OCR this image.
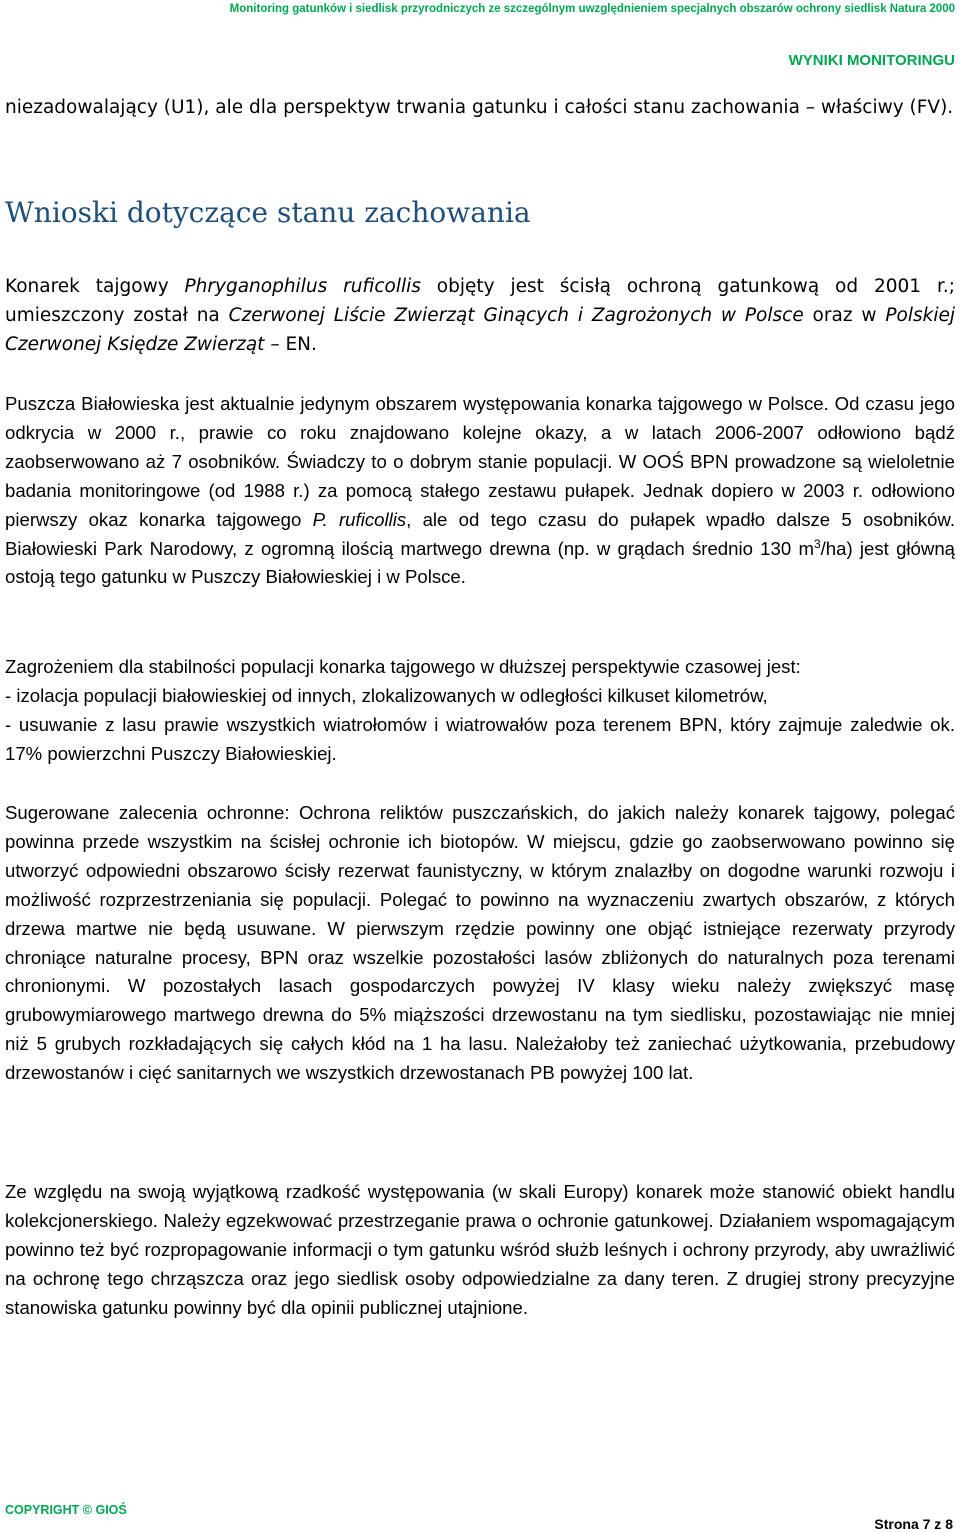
Monitoring gatunków i siedlisk przyrodniczych ze szczególnym uwzględnieniem specjalnych obszarów ochrony siedlisk Natura 2000
WYNIKI MONITORINGU

niezadowalający (U1), ale dla perspektyw trwania gatunku i całości stanu zachowania – właściwy (FV).

Wnioski dotyczące stanu zachowania

Konarek tajgowy Phryganophilus ruficollis objęty jest ścisłą ochroną gatunkową od 2001 r.; umieszczony został na Czerwonej Liście Zwierząt Ginących i Zagrożonych w Polsce oraz w Polskiej Czerwonej Księdze Zwierząt – EN.

Puszcza Białowieska jest aktualnie jedynym obszarem występowania konarka tajgowego w Polsce. Od czasu jego odkrycia w 2000 r., prawie co roku znajdowano kolejne okazy, a w latach 2006-2007 odłowiono bądź zaobserwowano aż 7 osobników. Świadczy to o dobrym stanie populacji. W OOŚ BPN prowadzone są wieloletnie badania monitoringowe (od 1988 r.) za pomocą stałego zestawu pułapek. Jednak dopiero w 2003 r. odłowiono pierwszy okaz konarka tajgowego P. ruficollis, ale od tego czasu do pułapek wpadło dalsze 5 osobników. Białowieski Park Narodowy, z ogromną ilością martwego drewna (np. w grądach średnio 130 $m^3/ha$) jest główną ostoją tego gatunku w Puszczy Białowieskiej i w Polsce.

Zagrożeniem dla stabilności populacji konarka tajgowego w dłuższej perspektywie czasowej jest:

- izolacja populacji białowieskiej od innych, zlokalizowanych w odległości kilkuset kilometrów,

- usuwanie z lasu prawie wszystkich wiatrołomów i wiatrowałów poza terenem BPN, który zajmuje zaledwie ok. 17% powierzchni Puszczy Białowieskiej.

Sugerowane zalecenia ochronne: Ochrona reliktów puszczańskich, do jakich należy konarek tajgowy, polegać powinna przede wszystkim na ścisłej ochronie ich biotopów. W miejscu, gdzie go zaobserwowano powinno się utworzyć odpowiedni obszarowo ścisły rezerwat faunistyczny, w którym znalazłby on dogodne warunki rozwoju i możliwość rozprzestrzeniania się populacji. Polegać to powinno na wyznaczeniu zwartych obszarów, z których drzewa martwe nie będą usuwane. W pierwszym rzędzie powinny one objąć istniejące rezerwaty przyrody chroniące naturalne procesy, BPN oraz wszelkie pozostałości lasów zbliżonych do naturalnych poza terenami chronionymi. W pozostałych lasach gospodarczych powyżej IV klasy wieku należy zwiększyć masę grubowymiarowego martwego drewna do 5% miąższości drzewostanu na tym siedlisku, pozostawiając nie mniej niż 5 grubych rozkładających się całych kłód na 1 ha lasu. Należałoby też zaniechać użytkowania, przebudowy drzewostanów i cięć sanitarnych we wszystkich drzewostanach PB powyżej 100 lat.

Ze względu na swoją wyjątkową rzadkość występowania (w skali Europy) konarek może stanowić obiekt handlu kolekcjonerskiego. Należy egzekwować przestrzeganie prawa o ochronie gatunkowej. Działaniem wspomagającym powinno też być rozpropagowanie informacji o tym gatunku wśród służb leśnych i ochrony przyrody, aby uwrażliwić na ochronę tego chrząszcza oraz jego siedlisk osoby odpowiedzialne za dany teren. Z drugiej strony precyzyjne stanowiska gatunku powinny być dla opinii publicznej utajnione.

COPYRIGHT © GIOŚ
Strona 7 z 8
